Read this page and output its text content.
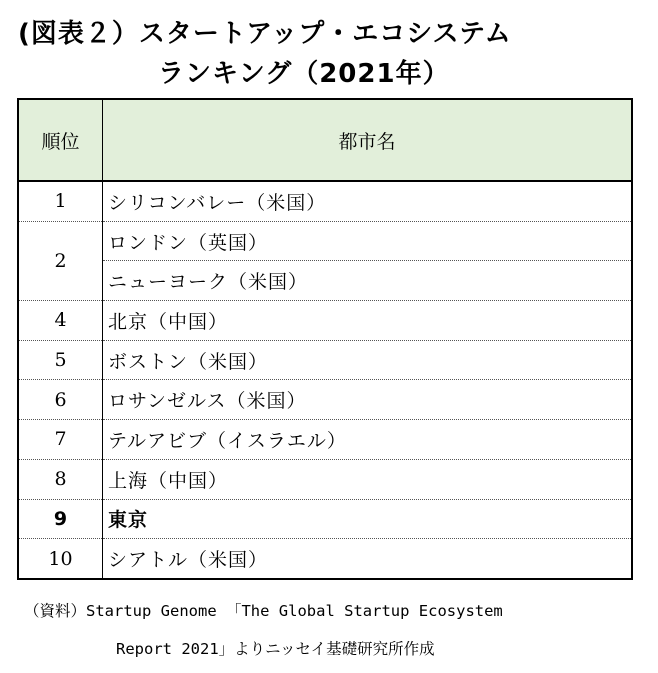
(図表２）スタートアップ・エコシステム
ランキング（2021年）
順位	都市名
1	シリコンバレー（米国）
2	ロンドン（英国）
	ニューヨーク（米国）
4	北京（中国）
5	ボストン（米国）
6	ロサンゼルス（米国）
7	テルアビブ（イスラエル）
8	上海（中国）
9	東京
10	シアトル（米国）
（資料）Startup Genome 「The Global Startup Ecosystem
Report 2021」よりニッセイ基礎研究所作成
